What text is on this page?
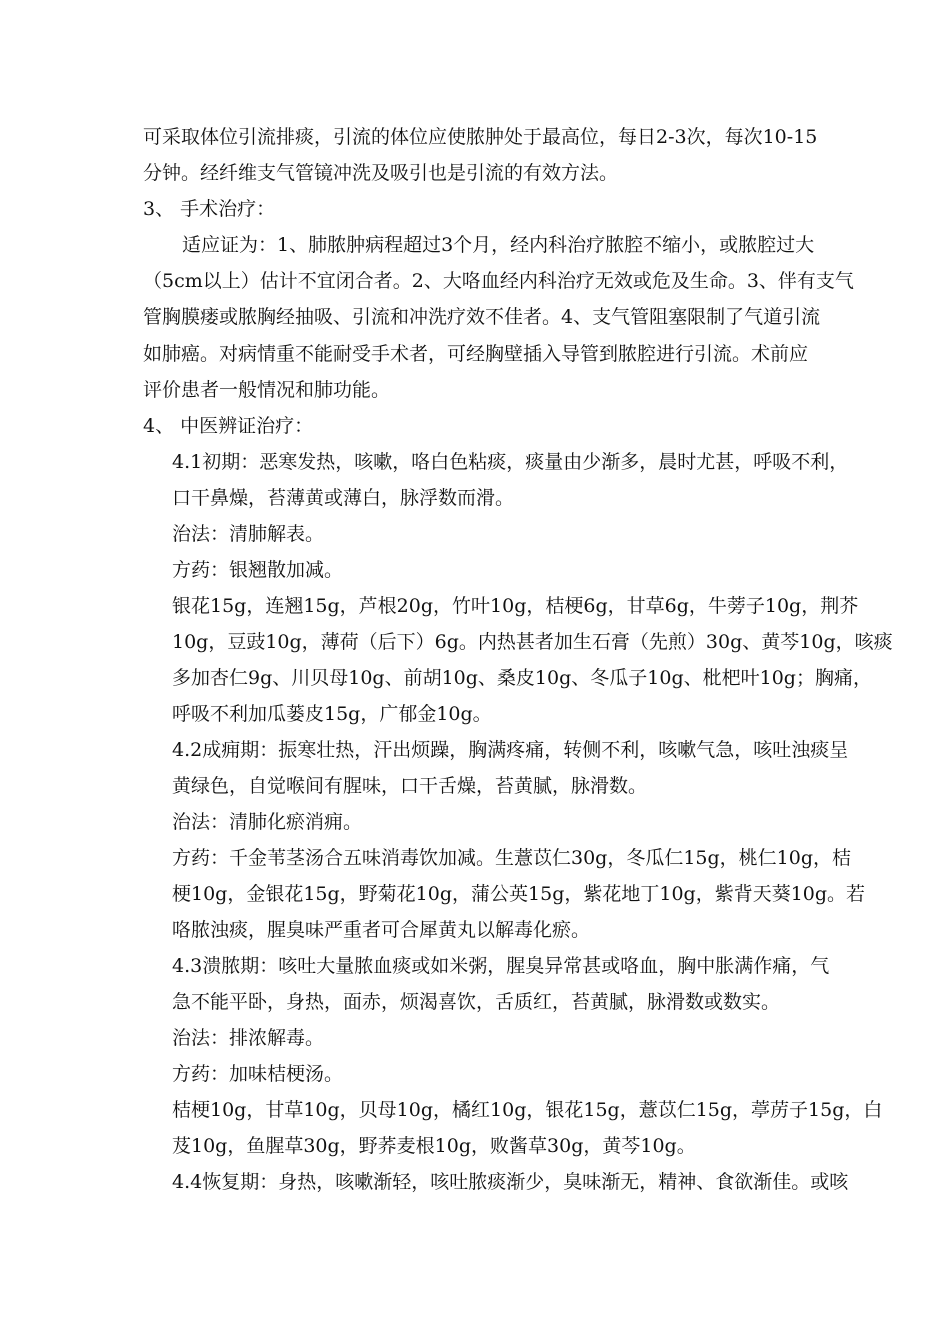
可采取体位引流排痰，引流的体位应使脓肿处于最高位，每日2-3次，每次10-15
分钟。经纤维支气管镜冲洗及吸引也是引流的有效方法。
3、 手术治疗：
适应证为：1、肺脓肿病程超过3个月，经内科治疗脓腔不缩小，或脓腔过大
（5cm以上）估计不宜闭合者。2、大咯血经内科治疗无效或危及生命。3、伴有支气
管胸膜瘘或脓胸经抽吸、引流和冲洗疗效不佳者。4、支气管阻塞限制了气道引流
如肺癌。对病情重不能耐受手术者，可经胸壁插入导管到脓腔进行引流。术前应
评价患者一般情况和肺功能。
4、 中医辨证治疗：
4.1初期：恶寒发热，咳嗽，咯白色粘痰，痰量由少渐多，晨时尤甚，呼吸不利，
口干鼻燥，苔薄黄或薄白，脉浮数而滑。
治法：清肺解表。
方药：银翘散加减。
银花15g，连翘15g，芦根20g，竹叶10g，桔梗6g，甘草6g，牛蒡子10g，荆芥
10g，豆豉10g，薄荷（后下）6g。内热甚者加生石膏（先煎）30g、黄芩10g，咳痰
多加杏仁9g、川贝母10g、前胡10g、桑皮10g、冬瓜子10g、枇杷叶10g；胸痛，
呼吸不利加瓜蒌皮15g，广郁金10g。
4.2成痈期：振寒壮热，汗出烦躁，胸满疼痛，转侧不利，咳嗽气急，咳吐浊痰呈
黄绿色，自觉喉间有腥味，口干舌燥，苔黄腻，脉滑数。
治法：清肺化瘀消痈。
方药：千金苇茎汤合五味消毒饮加减。生薏苡仁30g，冬瓜仁15g，桃仁10g，桔
梗10g，金银花15g，野菊花10g，蒲公英15g，紫花地丁10g，紫背天葵10g。若
咯脓浊痰，腥臭味严重者可合犀黄丸以解毒化瘀。
4.3溃脓期：咳吐大量脓血痰或如米粥，腥臭异常甚或咯血，胸中胀满作痛，气
急不能平卧，身热，面赤，烦渴喜饮，舌质红，苔黄腻，脉滑数或数实。
治法：排浓解毒。
方药：加味桔梗汤。
桔梗10g，甘草10g，贝母10g，橘红10g，银花15g，薏苡仁15g，葶苈子15g，白
芨10g，鱼腥草30g，野荞麦根10g，败酱草30g，黄芩10g。
4.4恢复期：身热，咳嗽渐轻，咳吐脓痰渐少，臭味渐无，精神、食欲渐佳。或咳
